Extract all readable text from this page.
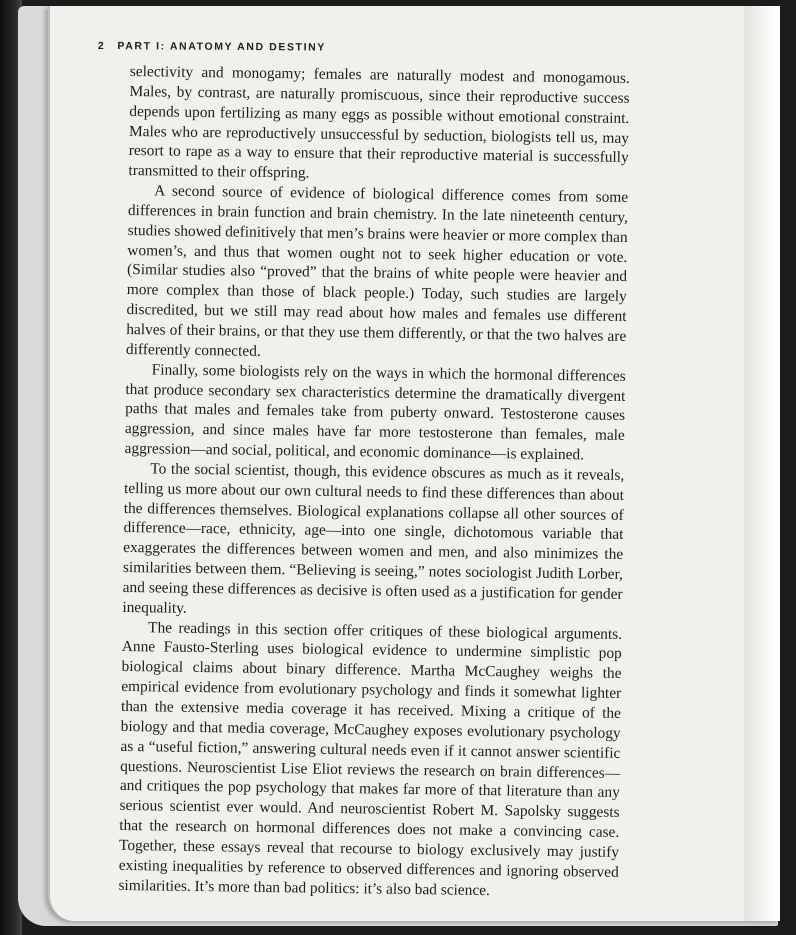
2 PART I: ANATOMY AND DESTINY

selectivity and monogamy; females are naturally modest and monogamous. Males, by contrast, are naturally promiscuous, since their reproductive success depends upon fertilizing as many eggs as possible without emotional constraint. Males who are reproductively unsuccessful by seduction, biologists tell us, may resort to rape as a way to ensure that their reproductive material is successfully transmitted to their offspring.

A second source of evidence of biological difference comes from some differences in brain function and brain chemistry. In the late nineteenth century, studies showed definitively that men’s brains were heavier or more complex than women’s, and thus that women ought not to seek higher education or vote. (Similar studies also “proved” that the brains of white people were heavier and more complex than those of black people.) Today, such studies are largely discredited, but we still may read about how males and females use different halves of their brains, or that they use them differently, or that the two halves are differently connected.

Finally, some biologists rely on the ways in which the hormonal differences that produce secondary sex characteristics determine the dramatically divergent paths that males and females take from puberty onward. Testosterone causes aggression, and since males have far more testosterone than females, male aggression—and social, political, and economic dominance—is explained.

To the social scientist, though, this evidence obscures as much as it reveals, telling us more about our own cultural needs to find these differences than about the differences themselves. Biological explanations collapse all other sources of difference—race, ethnicity, age—into one single, dichotomous variable that exaggerates the differences between women and men, and also minimizes the similarities between them. “Believing is seeing,” notes sociologist Judith Lorber, and seeing these differences as decisive is often used as a justification for gender inequality.

The readings in this section offer critiques of these biological arguments. Anne Fausto-Sterling uses biological evidence to undermine simplistic pop biological claims about binary difference. Martha McCaughey weighs the empirical evidence from evolutionary psychology and finds it somewhat lighter than the extensive media coverage it has received. Mixing a critique of the biology and that media coverage, McCaughey exposes evolutionary psychology as a “useful fiction,” answering cultural needs even if it cannot answer scientific questions. Neuroscientist Lise Eliot reviews the research on brain differences—and critiques the pop psychology that makes far more of that literature than any serious scientist ever would. And neuroscientist Robert M. Sapolsky suggests that the research on hormonal differences does not make a convincing case. Together, these essays reveal that recourse to biology exclusively may justify existing inequalities by reference to observed differences and ignoring observed similarities. It’s more than bad politics: it’s also bad science.
